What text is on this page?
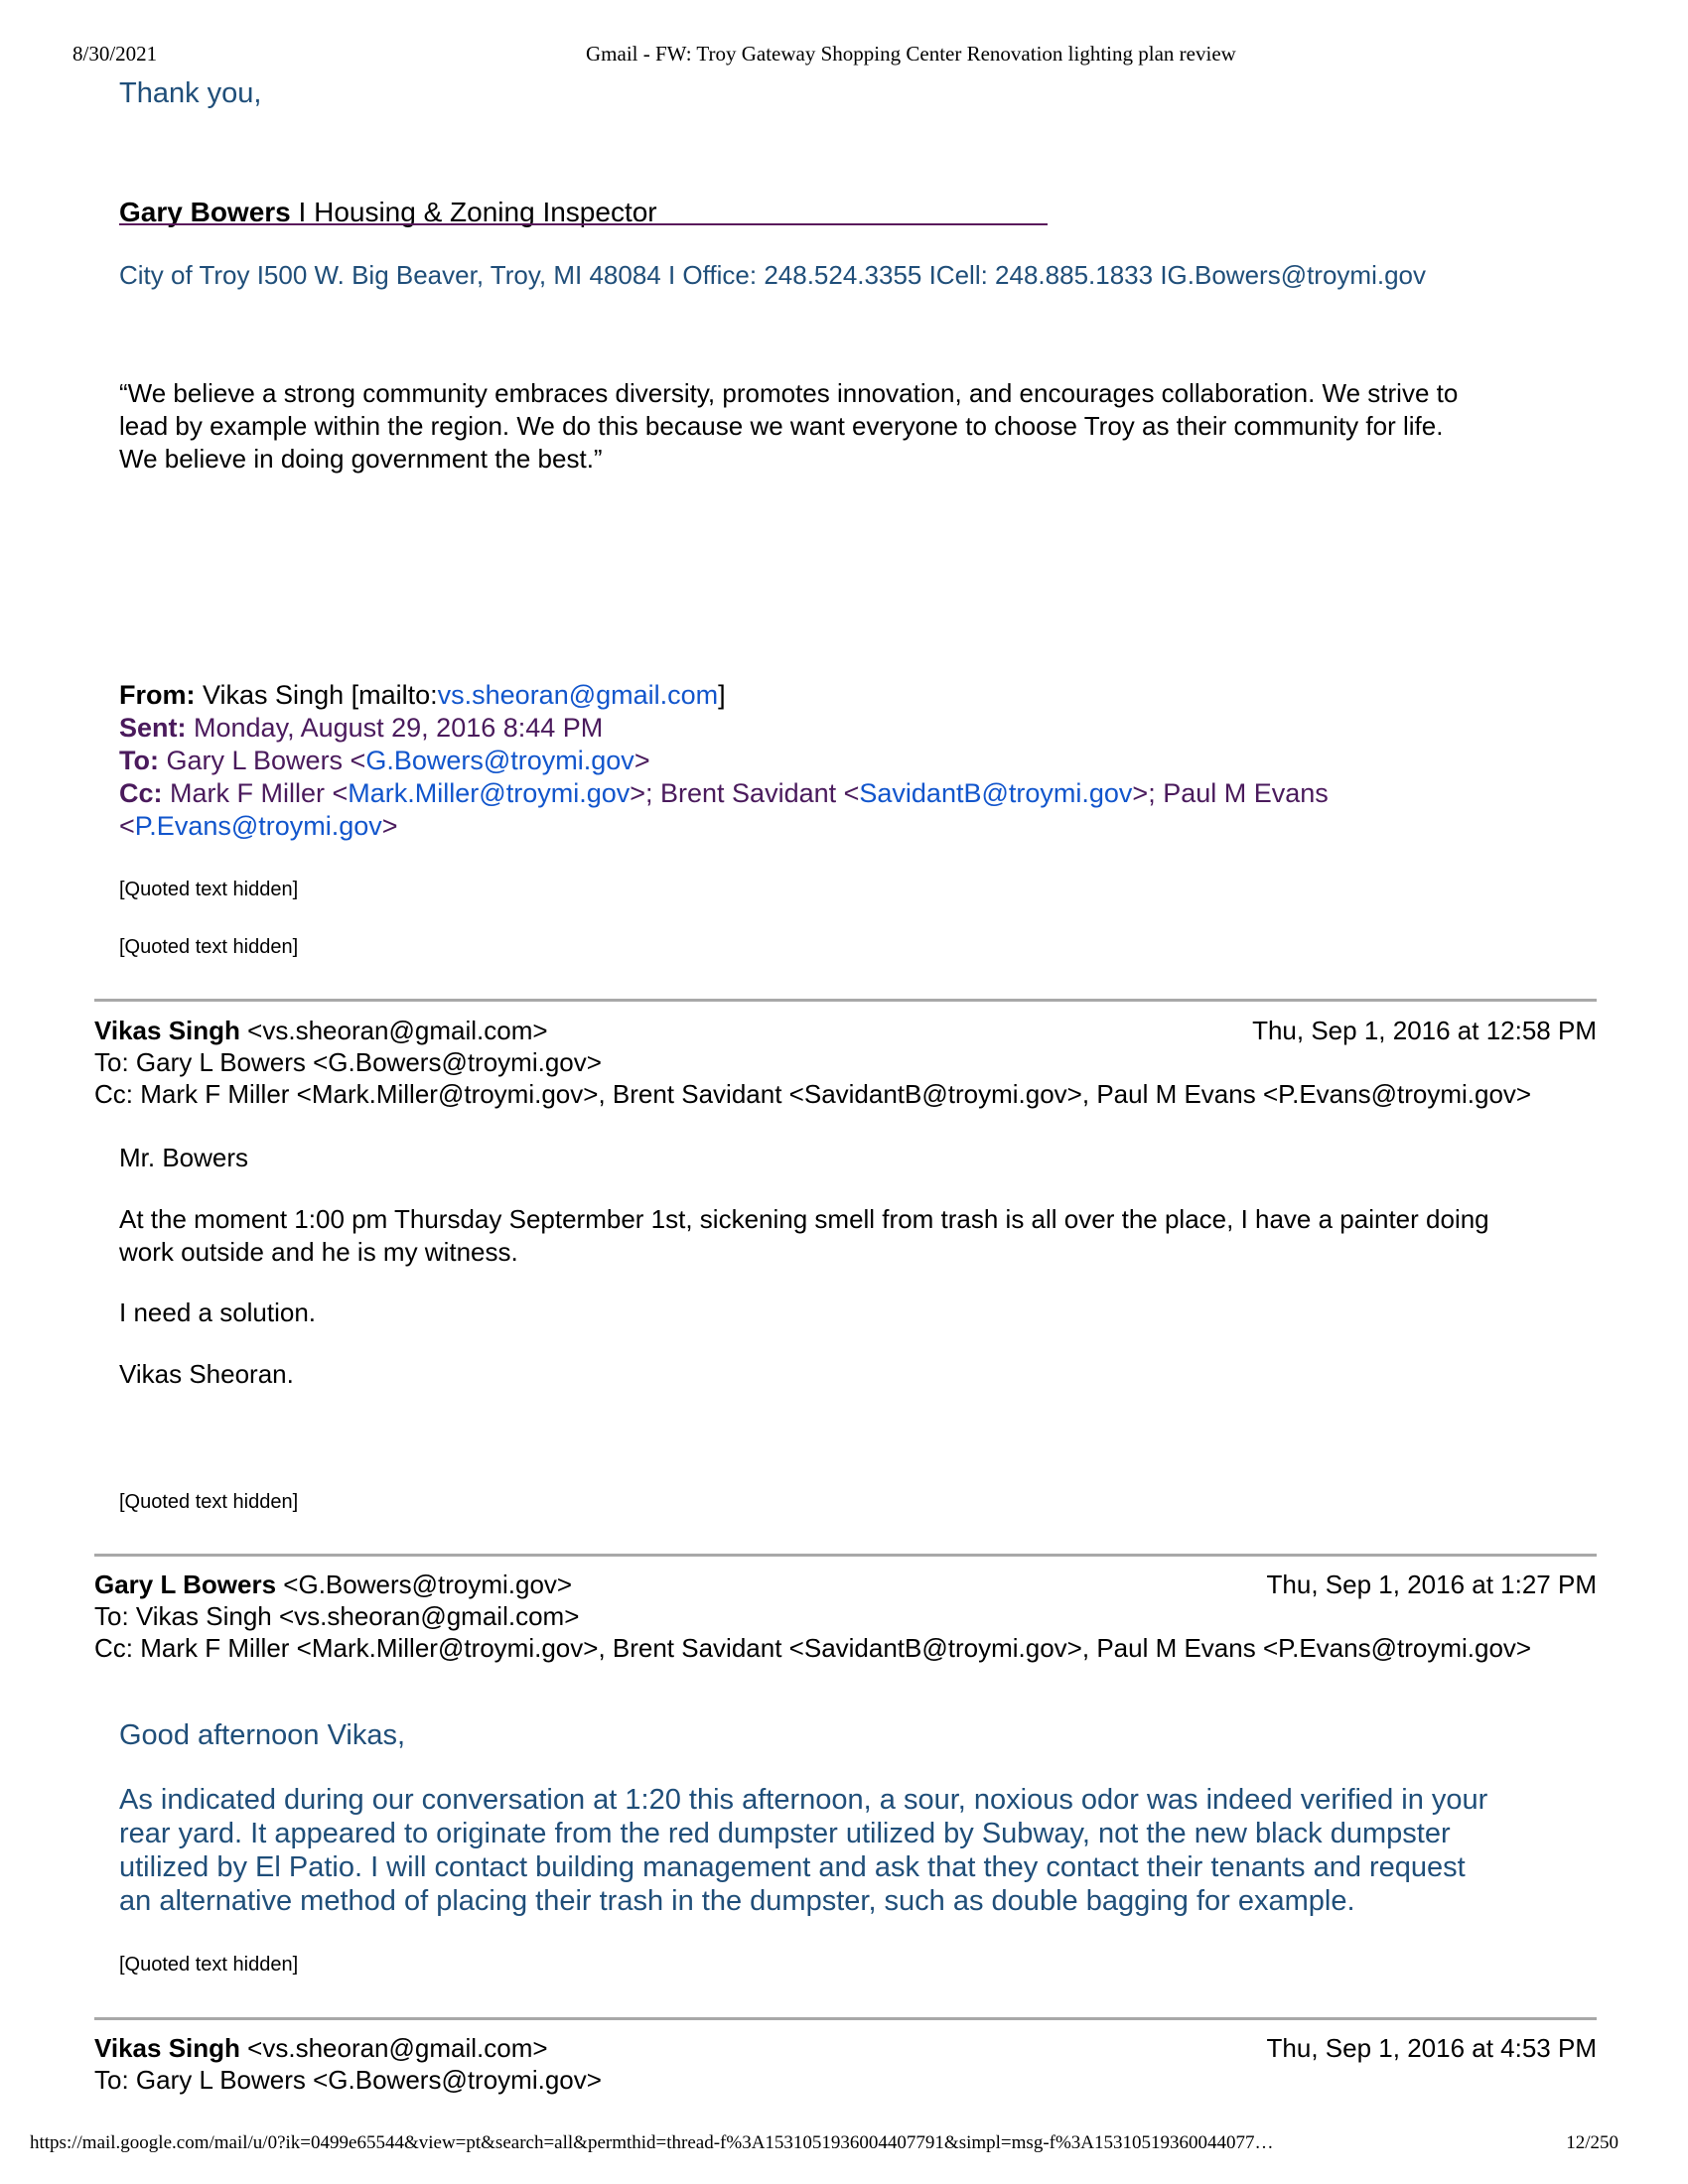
8/30/2021	Gmail - FW: Troy Gateway Shopping Center Renovation lighting plan review
Thank you,
Gary Bowers I Housing & Zoning Inspector
City of Troy I500 W. Big Beaver, Troy, MI 48084 I Office: 248.524.3355 ICell: 248.885.1833 IG.Bowers@troymi.gov
“We believe a strong community embraces diversity, promotes innovation, and encourages collaboration. We strive to
lead by example within the region. We do this because we want everyone to choose Troy as their community for life.
We believe in doing government the best.”
From: Vikas Singh [mailto:vs.sheoran@gmail.com]
Sent: Monday, August 29, 2016 8:44 PM
To: Gary L Bowers <G.Bowers@troymi.gov>
Cc: Mark F Miller <Mark.Miller@troymi.gov>; Brent Savidant <SavidantB@troymi.gov>; Paul M Evans
<P.Evans@troymi.gov>
[Quoted text hidden]
[Quoted text hidden]
Vikas Singh <vs.sheoran@gmail.com>	Thu, Sep 1, 2016 at 12:58 PM
To: Gary L Bowers <G.Bowers@troymi.gov>
Cc: Mark F Miller <Mark.Miller@troymi.gov>, Brent Savidant <SavidantB@troymi.gov>, Paul M Evans <P.Evans@troymi.gov>
Mr. Bowers
At the moment 1:00 pm Thursday Septermber 1st, sickening smell from trash is all over the place, I have a painter doing
work outside and he is my witness.
I need a solution.
Vikas Sheoran.
[Quoted text hidden]
Gary L Bowers <G.Bowers@troymi.gov>	Thu, Sep 1, 2016 at 1:27 PM
To: Vikas Singh <vs.sheoran@gmail.com>
Cc: Mark F Miller <Mark.Miller@troymi.gov>, Brent Savidant <SavidantB@troymi.gov>, Paul M Evans <P.Evans@troymi.gov>
Good afternoon Vikas,
As indicated during our conversation at 1:20 this afternoon, a sour, noxious odor was indeed verified in your
rear yard. It appeared to originate from the red dumpster utilized by Subway, not the new black dumpster
utilized by El Patio. I will contact building management and ask that they contact their tenants and request
an alternative method of placing their trash in the dumpster, such as double bagging for example.
[Quoted text hidden]
Vikas Singh <vs.sheoran@gmail.com>	Thu, Sep 1, 2016 at 4:53 PM
To: Gary L Bowers <G.Bowers@troymi.gov>
https://mail.google.com/mail/u/0?ik=0499e65544&view=pt&search=all&permthid=thread-f%3A1531051936004407791&simpl=msg-f%3A15310519360044077…	12/250
